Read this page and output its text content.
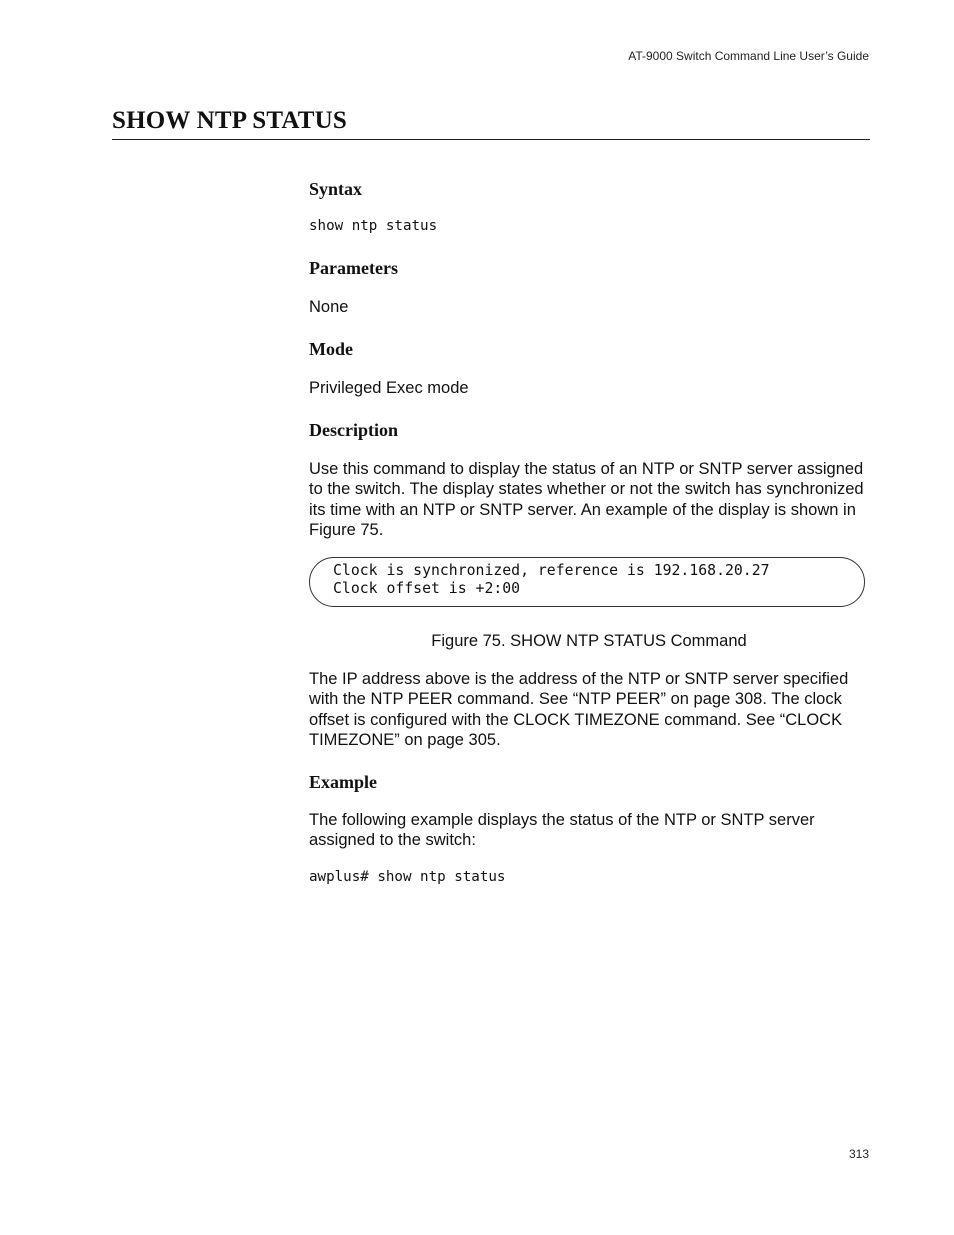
AT-9000 Switch Command Line User’s Guide
SHOW NTP STATUS
Syntax
show ntp status
Parameters

None

Mode

Privileged Exec mode

Description

Use this command to display the status of an NTP or SNTP server assigned to the switch. The display states whether or not the switch has synchronized its time with an NTP or SNTP server. An example of the display is shown in Figure 75.

Clock is synchronized, reference is 192.168.20.27
Clock offset is +2:00

Figure 75. SHOW NTP STATUS Command

The IP address above is the address of the NTP or SNTP server specified with the NTP PEER command. See “NTP PEER” on page 308. The clock offset is configured with the CLOCK TIMEZONE command. See “CLOCK TIMEZONE” on page 305.

Example

The following example displays the status of the NTP or SNTP server assigned to the switch:

awplus# show ntp status
313
